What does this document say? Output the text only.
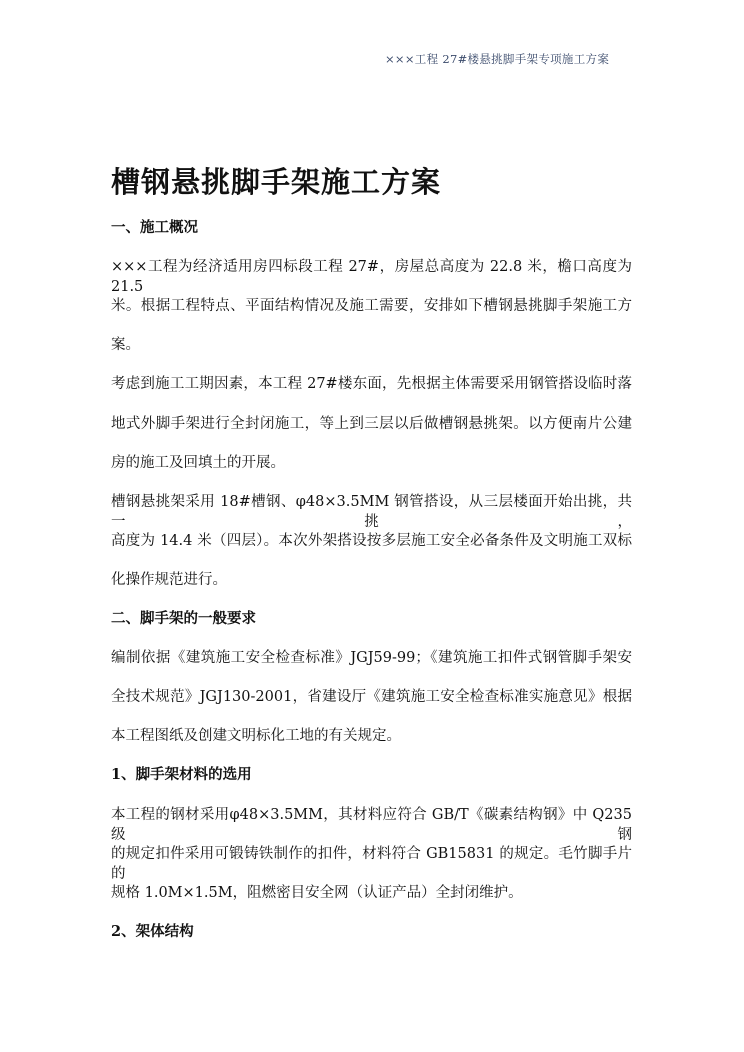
×××工程 27#楼悬挑脚手架专项施工方案
槽钢悬挑脚手架施工方案
一、施工概况
×××工程为经济适用房四标段工程 27#，房屋总高度为 22.8 米，檐口高度为 21.5
米。根据工程特点、平面结构情况及施工需要，安排如下槽钢悬挑脚手架施工方
案。
考虑到施工工期因素，本工程 27#楼东面，先根据主体需要采用钢管搭设临时落
地式外脚手架进行全封闭施工，等上到三层以后做槽钢悬挑架。以方便南片公建
房的施工及回填土的开展。
槽钢悬挑架采用 18#槽钢、φ48×3.5MM 钢管搭设，从三层楼面开始出挑，共一挑，
高度为 14.4 米（四层）。本次外架搭设按多层施工安全必备条件及文明施工双标
化操作规范进行。
二、脚手架的一般要求
编制依据《建筑施工安全检查标准》JGJ59-99；《建筑施工扣件式钢管脚手架安
全技术规范》JGJ130-2001，省建设厅《建筑施工安全检查标准实施意见》根据
本工程图纸及创建文明标化工地的有关规定。
1、脚手架材料的选用
本工程的钢材采用φ48×3.5MM，其材料应符合 GB/T《碳素结构钢》中 Q235 级钢
的规定扣件采用可锻铸铁制作的扣件，材料符合 GB15831 的规定。毛竹脚手片的
规格 1.0M×1.5M，阻燃密目安全网（认证产品）全封闭维护。
2、架体结构
